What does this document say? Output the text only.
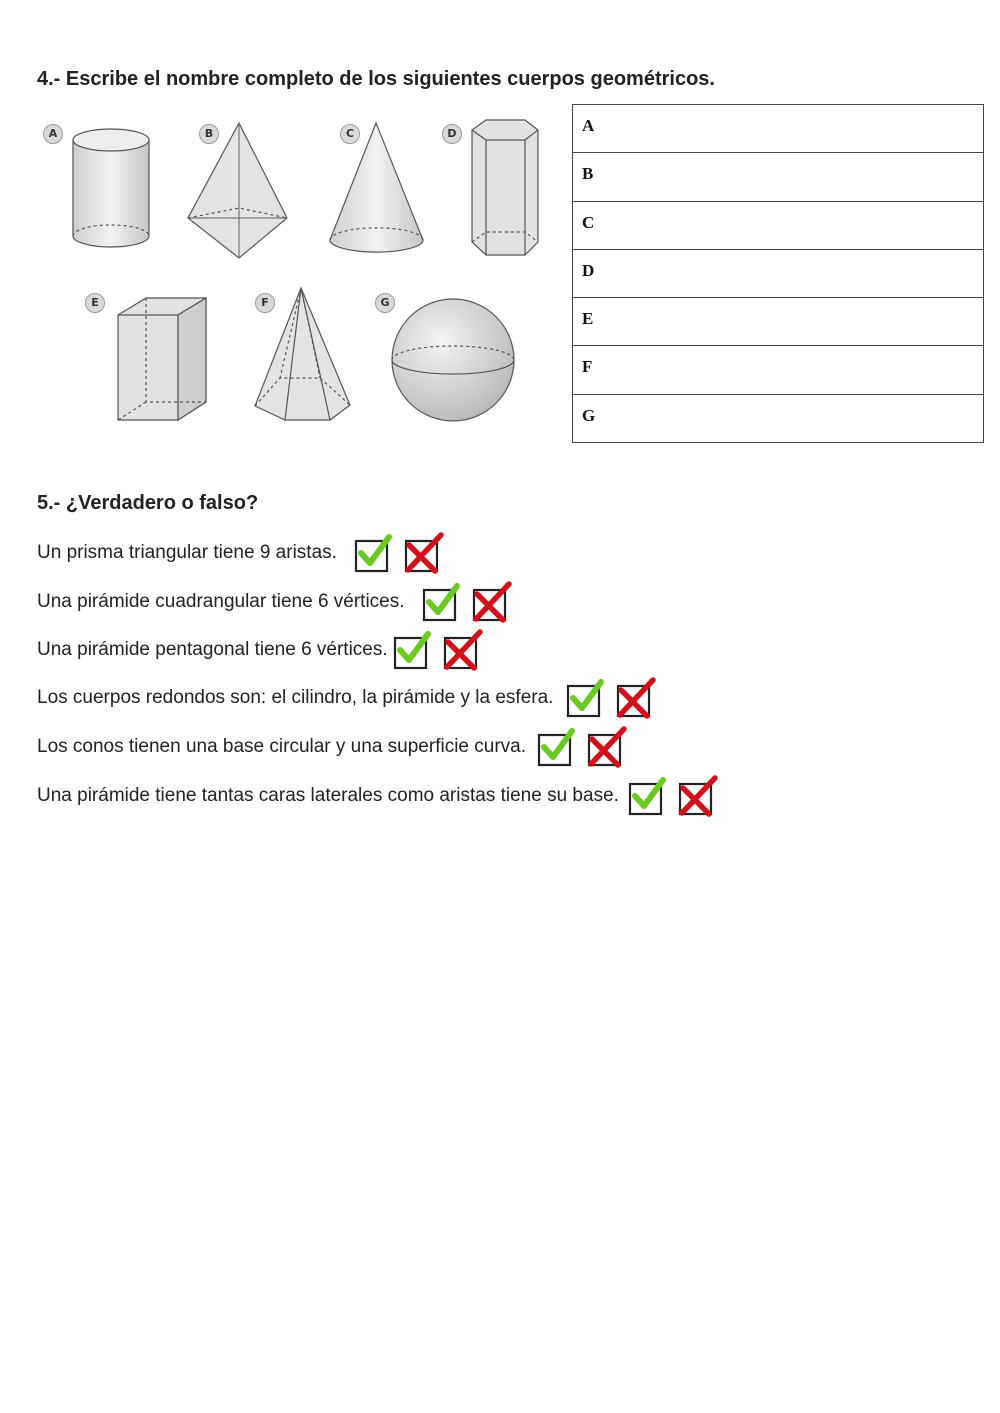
4.- Escribe el nombre completo de los siguientes cuerpos geométricos.
A	B	C	D
E	F	G
A
B
C
D
E
F
G
5.- ¿Verdadero o falso?
Un prisma triangular tiene 9 aristas.
Una pirámide cuadrangular tiene 6 vértices.
Una pirámide pentagonal tiene 6 vértices.
Los cuerpos redondos son: el cilindro, la pirámide y la esfera.
Los conos tienen una base circular y una superficie curva.
Una pirámide tiene tantas caras laterales como aristas tiene su base.
